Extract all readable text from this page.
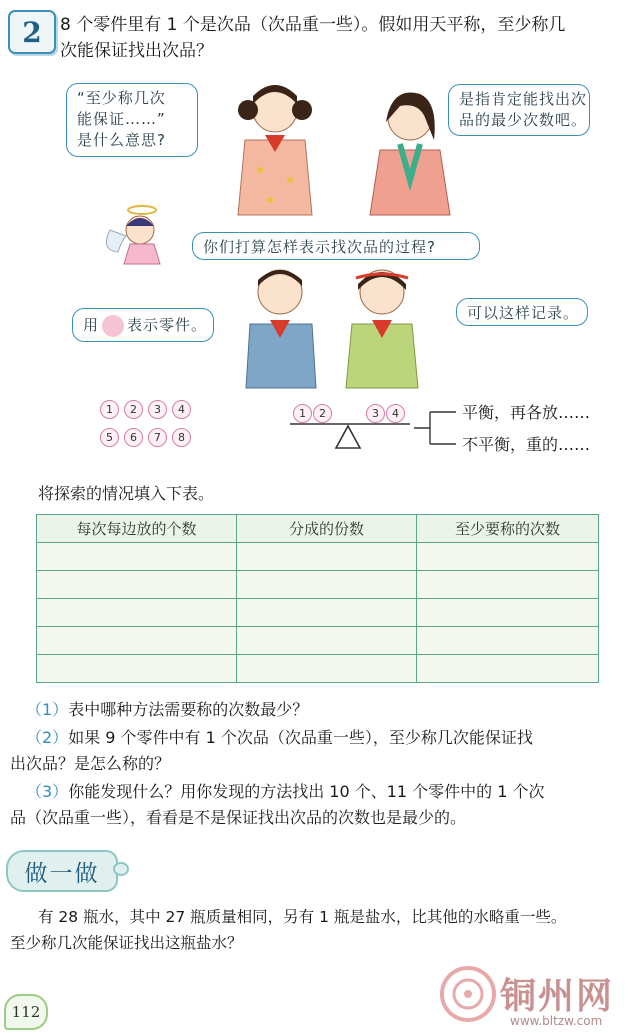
2	8 个零件里有 1 个是次品（次品重一些）。假如用天平称，至少称几
次能保证找出次品？
“至少称几次
能保证……”
是什么意思?
是指肯定能找出次
品的最少次数吧。
你们打算怎样表示找次品的过程?
用 表示零件。
可以这样记录。
1	2	3	4
5	6	7	8
1	2	3	4	平衡，再各放……
不平衡，重的……
将探索的情况填入下表。
每次每边放的个数	分成的份数	至少要称的次数

（1）表中哪种方法需要称的次数最少？
（2）如果 9 个零件中有 1 个次品（次品重一些），至少称几次能保证找
出次品？是怎么称的？
（3）你能发现什么？用你发现的方法找出 10 个、11 个零件中的 1 个次
品（次品重一些），看看是不是保证找出次品的次数也是最少的。
做一做
有 28 瓶水，其中 27 瓶质量相同，另有 1 瓶是盐水，比其他的水略重一些。
至少称几次能保证找出这瓶盐水？
112	铜州网
www.bltzw.com
